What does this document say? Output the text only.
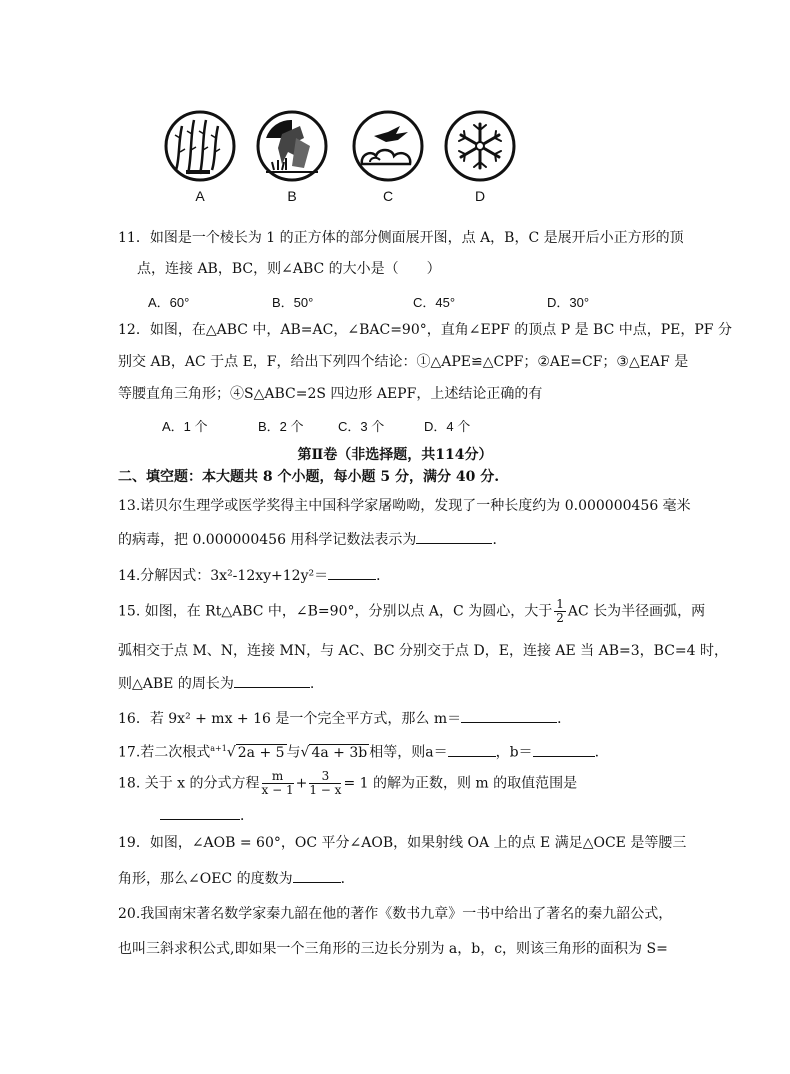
A	B	C	D
11．如图是一个棱长为 1 的正方体的部分侧面展开图，点 A，B，C 是展开后小正方形的顶
点，连接 AB，BC，则∠ABC 的大小是（　　）
A．60°	B．50°	C．45°	D．30°
12．如图，在△ABC 中，AB=AC，∠BAC=90°，直角∠EPF 的顶点 P 是 BC 中点，PE，PF 分
别交 AB，AC 于点 E，F，给出下列四个结论：①△APE≌△CPF；②AE=CF；③△EAF 是
等腰直角三角形；④S△ABC=2S 四边形 AEPF，上述结论正确的有
A．1 个	B．2 个	C．3 个	D．4 个
第Ⅱ卷（非选择题，共114分）
二、填空题：本大题共 8 个小题，每小题 5 分，满分 40 分.
13.诺贝尔生理学或医学奖得主中国科学家屠呦呦，发现了一种长度约为 0.000000456 毫米
的病毒，把 0.000000456 用科学记数法表示为	．
14.分解因式：3x²-12xy+12y²＝	．
15. 如图，在 Rt△ABC 中，∠B=90°，分别以点 A，C 为圆心，大于 $\frac{1}{2}$ AC 长为半径画弧，两
弧相交于点 M、N，连接 MN，与 AC、BC 分别交于点 D，E，连接 AE 当 AB=3，BC=4 时，
则△ABE 的周长为	.
16．若 9x² + mx + 16 是一个完全平方式，那么 m＝	．
17.若二次根式$^{a+1}$√ 2a + 5 与√ 4a + 3b 相等，则a＝	，b＝	.
18. 关于 x 的分式方程 $\frac{m}{x - 1} + \frac{3}{1 - x} = 1$ 的解为正数，则 m 的取值范围是
．
19．如图，∠AOB = 60°，OC 平分∠AOB，如果射线 OA 上的点 E 满足△OCE 是等腰三
角形，那么∠OEC 的度数为	．
20.我国南宋著名数学家秦九韶在他的著作《数书九章》一书中给出了著名的秦九韶公式，
也叫三斜求积公式,即如果一个三角形的三边长分别为 a，b，c，则该三角形的面积为 S=
